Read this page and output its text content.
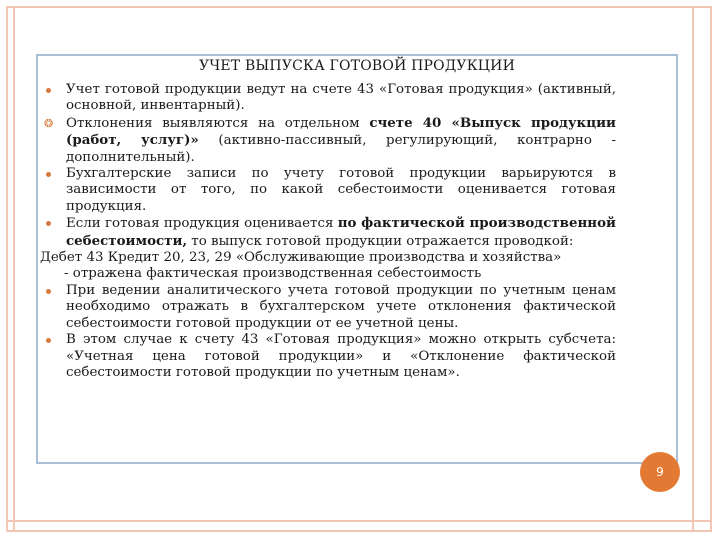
УЧЕТ ВЫПУСКА ГОТОВОЙ ПРОДУКЦИИ
Учет готовой продукции ведут на счете 43 «Готовая продукция» (активный, основной, инвентарный).
❂ Отклонения выявляются на отдельном счете 40 «Выпуск продукции (работ, услуг)» (активно-пассивный, регулирующий, контрарно - дополнительный).
Бухгалтерские записи по учету готовой продукции варьируются в зависимости от того, по какой себестоимости оценивается готовая продукция.
Если готовая продукция оценивается по фактической производственной себестоимости, то выпуск готовой продукции отражается проводкой:
Дебет 43 Кредит 20, 23, 29 «Обслуживающие производства и хозяйства»
- отражена фактическая производственная себестоимость
При ведении аналитического учета готовой продукции по учетным ценам необходимо отражать в бухгалтерском учете отклонения фактической себестоимости готовой продукции от ее учетной цены.
В этом случае к счету 43 «Готовая продукция» можно открыть субсчета: «Учетная цена готовой продукции» и «Отклонение фактической себестоимости готовой продукции по учетным ценам».
9
